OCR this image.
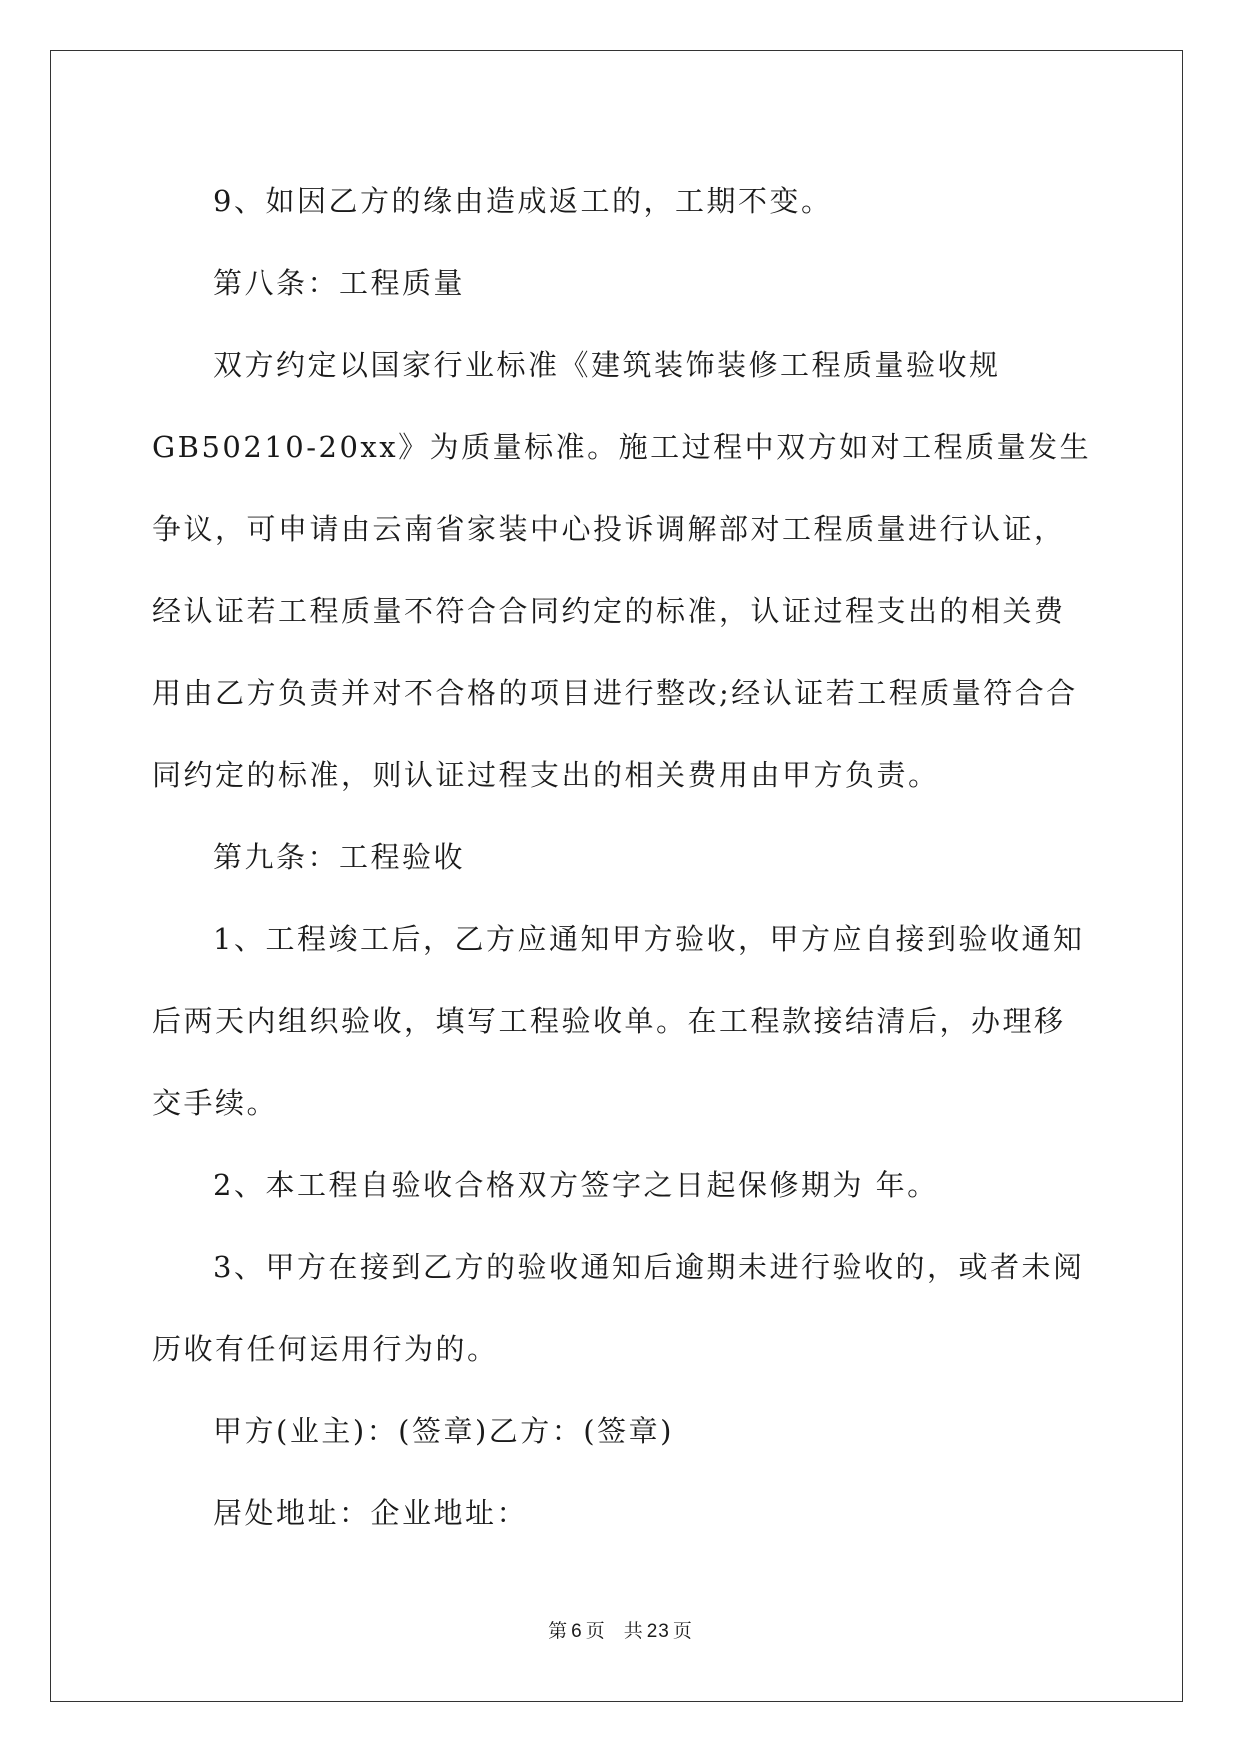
9、如因乙方的缘由造成返工的，工期不变。

第八条：工程质量

双方约定以国家行业标准《建筑装饰装修工程质量验收规GB50210-20xx》为质量标准。施工过程中双方如对工程质量发生争议，可申请由云南省家装中心投诉调解部对工程质量进行认证，经认证若工程质量不符合合同约定的标准，认证过程支出的相关费用由乙方负责并对不合格的项目进行整改;经认证若工程质量符合合同约定的标准，则认证过程支出的相关费用由甲方负责。

第九条：工程验收

1、工程竣工后，乙方应通知甲方验收，甲方应自接到验收通知后两天内组织验收，填写工程验收单。在工程款接结清后，办理移交手续。

2、本工程自验收合格双方签字之日起保修期为 年。

3、甲方在接到乙方的验收通知后逾期未进行验收的，或者未阅历收有任何运用行为的。

甲方(业主)：(签章)乙方：(签章)

居处地址：企业地址：

第 6 页 共 23 页
